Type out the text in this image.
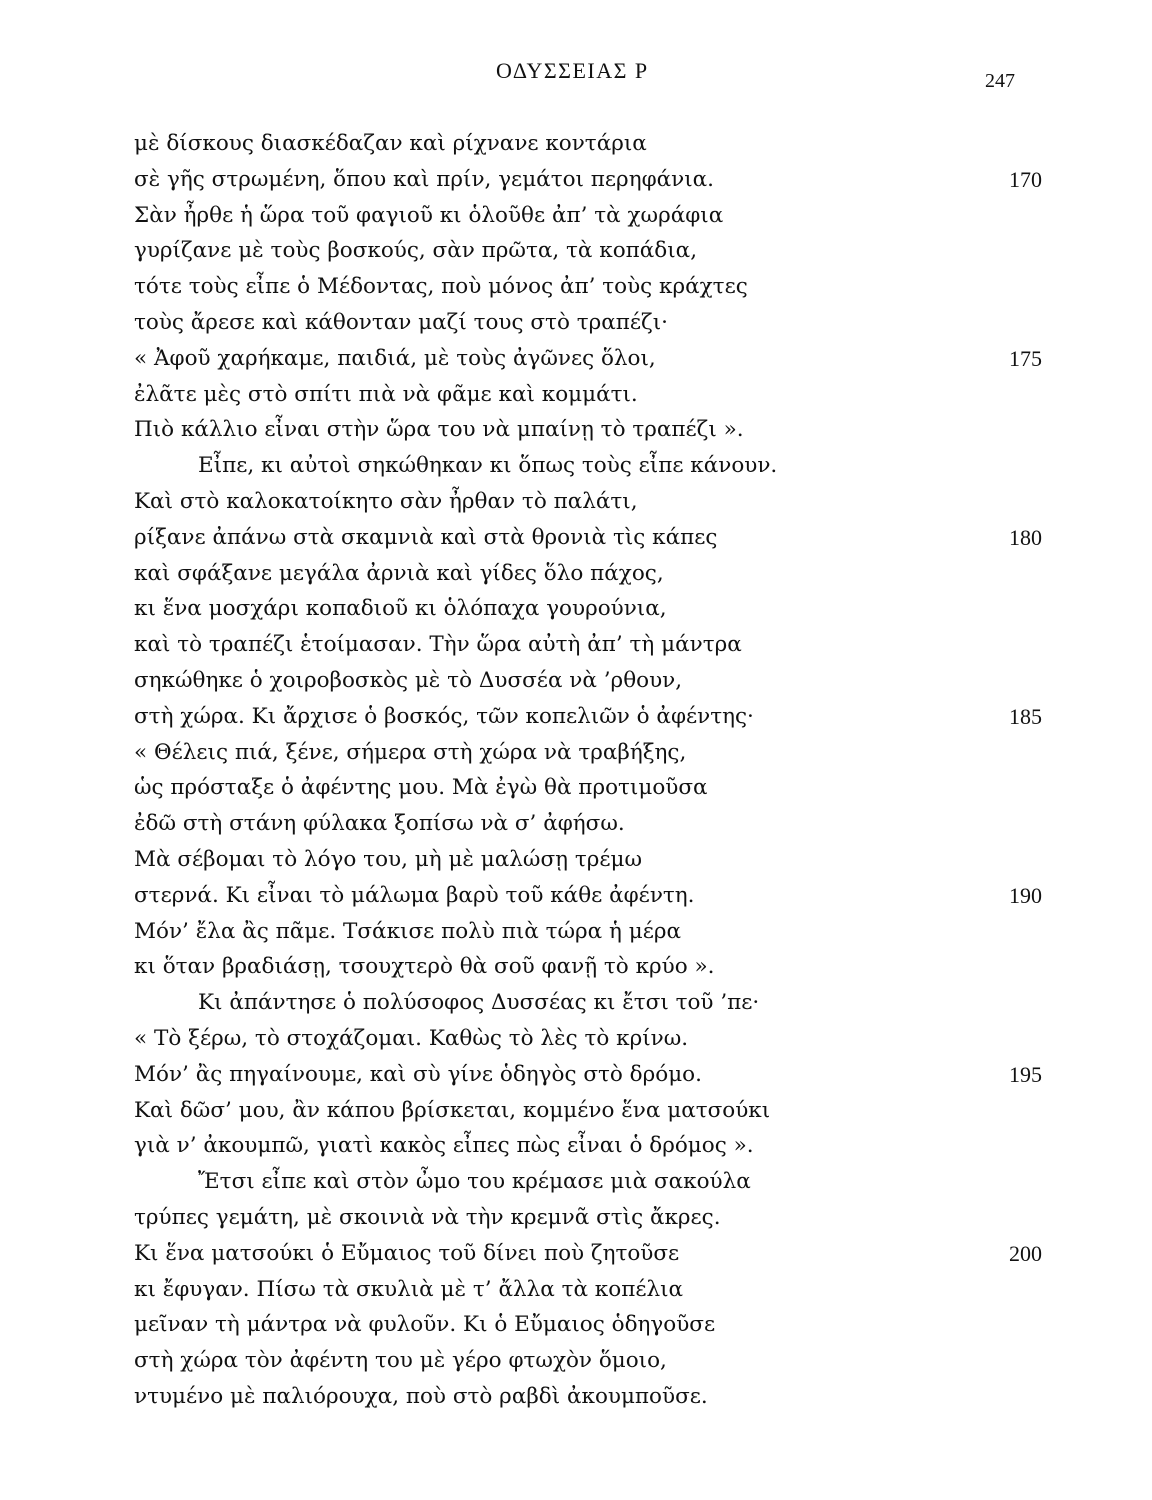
ΟΔΥΣΣΕΙΑΣ Ρ	247
μὲ δίσκους διασκέδαζαν καὶ ρίχνανε κοντάρια
σὲ γῆς στρωμένη, ὅπου καὶ πρίν, γεμάτοι περηφάνια.	170
Σὰν ἦρθε ἡ ὥρα τοῦ φαγιοῦ κι ὁλοῦθε ἀπ’ τὰ χωράφια
γυρίζανε μὲ τοὺς βοσκούς, σὰν πρῶτα, τὰ κοπάδια,
τότε τοὺς εἶπε ὁ Μέδοντας, ποὺ μόνος ἀπ’ τοὺς κράχτες
τοὺς ἄρεσε καὶ κάθονταν μαζί τους στὸ τραπέζι·
« Ἀφοῦ χαρήκαμε, παιδιά, μὲ τοὺς ἀγῶνες ὅλοι,	175
ἐλᾶτε μὲς στὸ σπίτι πιὰ νὰ φᾶμε καὶ κομμάτι.
Πιὸ κάλλιο εἶναι στὴν ὥρα του νὰ μπαίνῃ τὸ τραπέζι ».
Εἶπε, κι αὐτοὶ σηκώθηκαν κι ὅπως τοὺς εἶπε κάνουν.
Καὶ στὸ καλοκατοίκητο σὰν ἦρθαν τὸ παλάτι,
ρίξανε ἀπάνω στὰ σκαμνιὰ καὶ στὰ θρονιὰ τὶς κάπες	180
καὶ σφάξανε μεγάλα ἀρνιὰ καὶ γίδες ὅλο πάχος,
κι ἕνα μοσχάρι κοπαδιοῦ κι ὁλόπαχα γουρούνια,
καὶ τὸ τραπέζι ἑτοίμασαν. Τὴν ὥρα αὐτὴ ἀπ’ τὴ μάντρα
σηκώθηκε ὁ χοιροβοσκὸς μὲ τὸ Δυσσέα νὰ ’ρθουν,
στὴ χώρα. Κι ἄρχισε ὁ βοσκός, τῶν κοπελιῶν ὁ ἀφέντης·	185
« Θέλεις πιά, ξένε, σήμερα στὴ χώρα νὰ τραβήξης,
ὡς πρόσταξε ὁ ἀφέντης μου. Μὰ ἐγὼ θὰ προτιμοῦσα
ἐδῶ στὴ στάνη φύλακα ξοπίσω νὰ σ’ ἀφήσω.
Μὰ σέβομαι τὸ λόγο του, μὴ μὲ μαλώσῃ τρέμω
στερνά. Κι εἶναι τὸ μάλωμα βαρὺ τοῦ κάθε ἀφέντη.	190
Μόν’ ἔλα ἂς πᾶμε. Τσάκισε πολὺ πιὰ τώρα ἡ μέρα
κι ὅταν βραδιάσῃ, τσουχτερὸ θὰ σοῦ φανῇ τὸ κρύο ».
Κι ἀπάντησε ὁ πολύσοφος Δυσσέας κι ἔτσι τοῦ ’πε·
« Τὸ ξέρω, τὸ στοχάζομαι. Καθὼς τὸ λὲς τὸ κρίνω.
Μόν’ ἂς πηγαίνουμε, καὶ σὺ γίνε ὁδηγὸς στὸ δρόμο.	195
Καὶ δῶσ’ μου, ἂν κάπου βρίσκεται, κομμένο ἕνα ματσούκι
γιὰ ν’ ἀκουμπῶ, γιατὶ κακὸς εἶπες πὼς εἶναι ὁ δρόμος ».
Ἔτσι εἶπε καὶ στὸν ὦμο του κρέμασε μιὰ σακούλα
τρύπες γεμάτη, μὲ σκοινιὰ νὰ τὴν κρεμνᾶ στὶς ἄκρες.
Κι ἕνα ματσούκι ὁ Εὔμαιος τοῦ δίνει ποὺ ζητοῦσε	200
κι ἔφυγαν. Πίσω τὰ σκυλιὰ μὲ τ’ ἄλλα τὰ κοπέλια
μεῖναν τὴ μάντρα νὰ φυλοῦν. Κι ὁ Εὔμαιος ὁδηγοῦσε
στὴ χώρα τὸν ἀφέντη του μὲ γέρο φτωχὸν ὅμοιο,
ντυμένο μὲ παλιόρουχα, ποὺ στὸ ραβδὶ ἀκουμποῦσε.
